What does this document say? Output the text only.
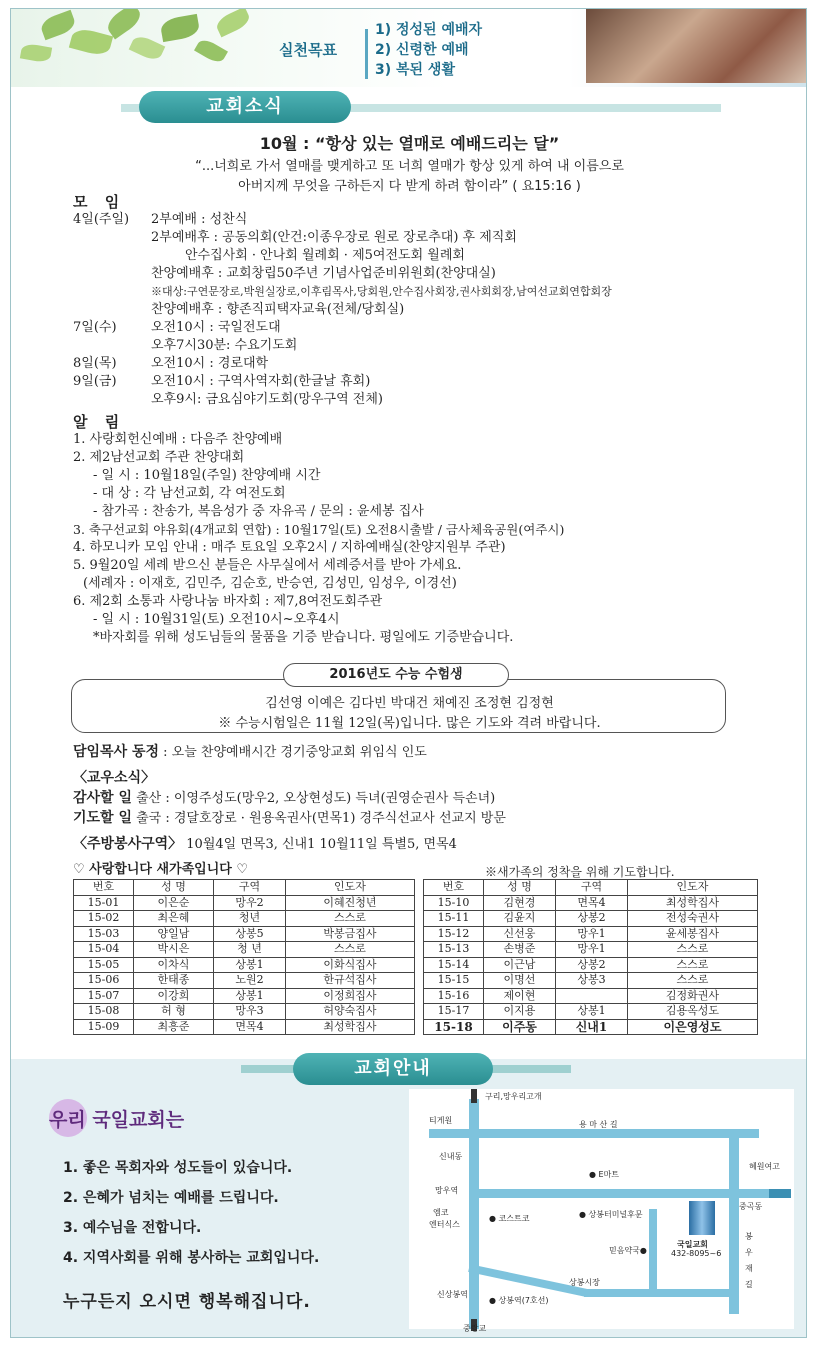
실천목표
1) 정성된 예배자
2) 신령한 예배
3) 복된 생활
교회소식
10월 : “항상 있는 열매로 예배드리는 달”
“...너희로 가서 열매를 맺게하고 또 너희 열매가 항상 있게 하여 내 이름으로
아버지께 무엇을 구하든지 다 받게 하려 함이라” ( 요15:16 )
모 임
4일(주일) 2부예배 : 성찬식
2부예배후 : 공동의회(안건:이종우장로 원로 장로추대) 후 제직회
안수집사회 · 안나회 월례회 · 제5여전도회 월례회
찬양예배후 : 교회창립50주년 기념사업준비위원회(찬양대실)
※대상:구연문장로,박원실장로,이후림목사,당회원,안수집사회장,권사회회장,남여선교회연합회장
찬양예배후 : 향존직피택자교육(전체/당회실)
7일(수)	오전10시 : 국일전도대
오후7시30분: 수요기도회
8일(목)	오전10시 : 경로대학
9일(금)	오전10시 : 구역사역자회(한글날 휴회)
오후9시: 금요심야기도회(망우구역 전체)
알 림
1. 사랑회헌신예배 : 다음주 찬양예배
2. 제2남선교회 주관 찬양대회
- 일 시 : 10월18일(주일) 찬양예배 시간
- 대 상 : 각 남선교회, 각 여전도회
- 참가곡 : 찬송가, 복음성가 중 자유곡 / 문의 : 윤세봉 집사
3. 축구선교회 야유회(4개교회 연합) : 10월17일(토) 오전8시출발 / 금사체육공원(여주시)
4. 하모니카 모임 안내 : 매주 토요일 오후2시 / 지하예배실(찬양지원부 주관)
5. 9월20일 세례 받으신 분들은 사무실에서 세례증서를 받아 가세요.
(세례자 : 이재호, 김민주, 김순호, 반승연, 김성민, 임성우, 이경선)
6. 제2회 소통과 사랑나눔 바자회 : 제7,8여전도회주관
- 일 시 : 10월31일(토) 오전10시~오후4시
*바자회를 위해 성도님들의 물품을 기증 받습니다. 평일에도 기증받습니다.
2016년도 수능 수험생
김선영 이예은 김다빈 박대건 채예진 조정현 김정현
※ 수능시험일은 11월 12일(목)입니다. 많은 기도와 격려 바랍니다.
담임목사 동정 : 오늘 찬양예배시간 경기중앙교회 위임식 인도
〈교우소식〉
감사할 일 출산 : 이영주성도(망우2, 오상현성도) 득녀(권영순권사 득손녀)
기도할 일 출국 : 경달호장로 · 원용옥권사(면목1) 경주식선교사 선교지 방문
〈주방봉사구역〉 10월4일 면목3, 신내1 10월11일 특별5, 면목4
♡ 사랑합니다 새가족입니다 ♡	※새가족의 정착을 위해 기도합니다.
번호	성 명	구역	인도자
15-01	이은순	망우2	이혜진청년
15-02	최은혜	청년	스스로
15-03	양일남	상봉5	박봉금집사
15-04	박시은	청 년	스스로
15-05	이차식	상봉1	이화식집사
15-06	한태종	노원2	한규석집사
15-07	이강희	상봉1	이정희집사
15-08	허 형	망우3	허양숙집사
15-09	최흥준	면목4	최성학집사
번호	성 명	구역	인도자
15-10	김현경	면목4	최성학집사
15-11	김윤지	상봉2	전성숙권사
15-12	신선웅	망우1	윤세봉집사
15-13	손병준	망우1	스스로
15-14	이근남	상봉2	스스로
15-15	이명선	상봉3	스스로
15-16	제이현		김정화권사
15-17	이지용	상봉1	김용옥성도
15-18	이주동	신내1	이은영성도
교회안내
우리 국일교회는
1. 좋은 목회자와 성도들이 있습니다.
2. 은혜가 넘치는 예배를 드립니다.
3. 예수님을 전합니다.
4. 지역사회를 위해 봉사하는 교회입니다.
누구든지 오시면 행복해집니다.
구리,망우리고개
용 마 산 길
티게원
신내동
● E마트
혜원여고
망우역
중곡동
엠코
엔터식스
● 코스트코	● 상봉터미널후문
국일교회
432-8095~6
믿음약국●
봉 우 재 길
상봉시장
신상봉역
● 상봉역(7호선)
중랑교
